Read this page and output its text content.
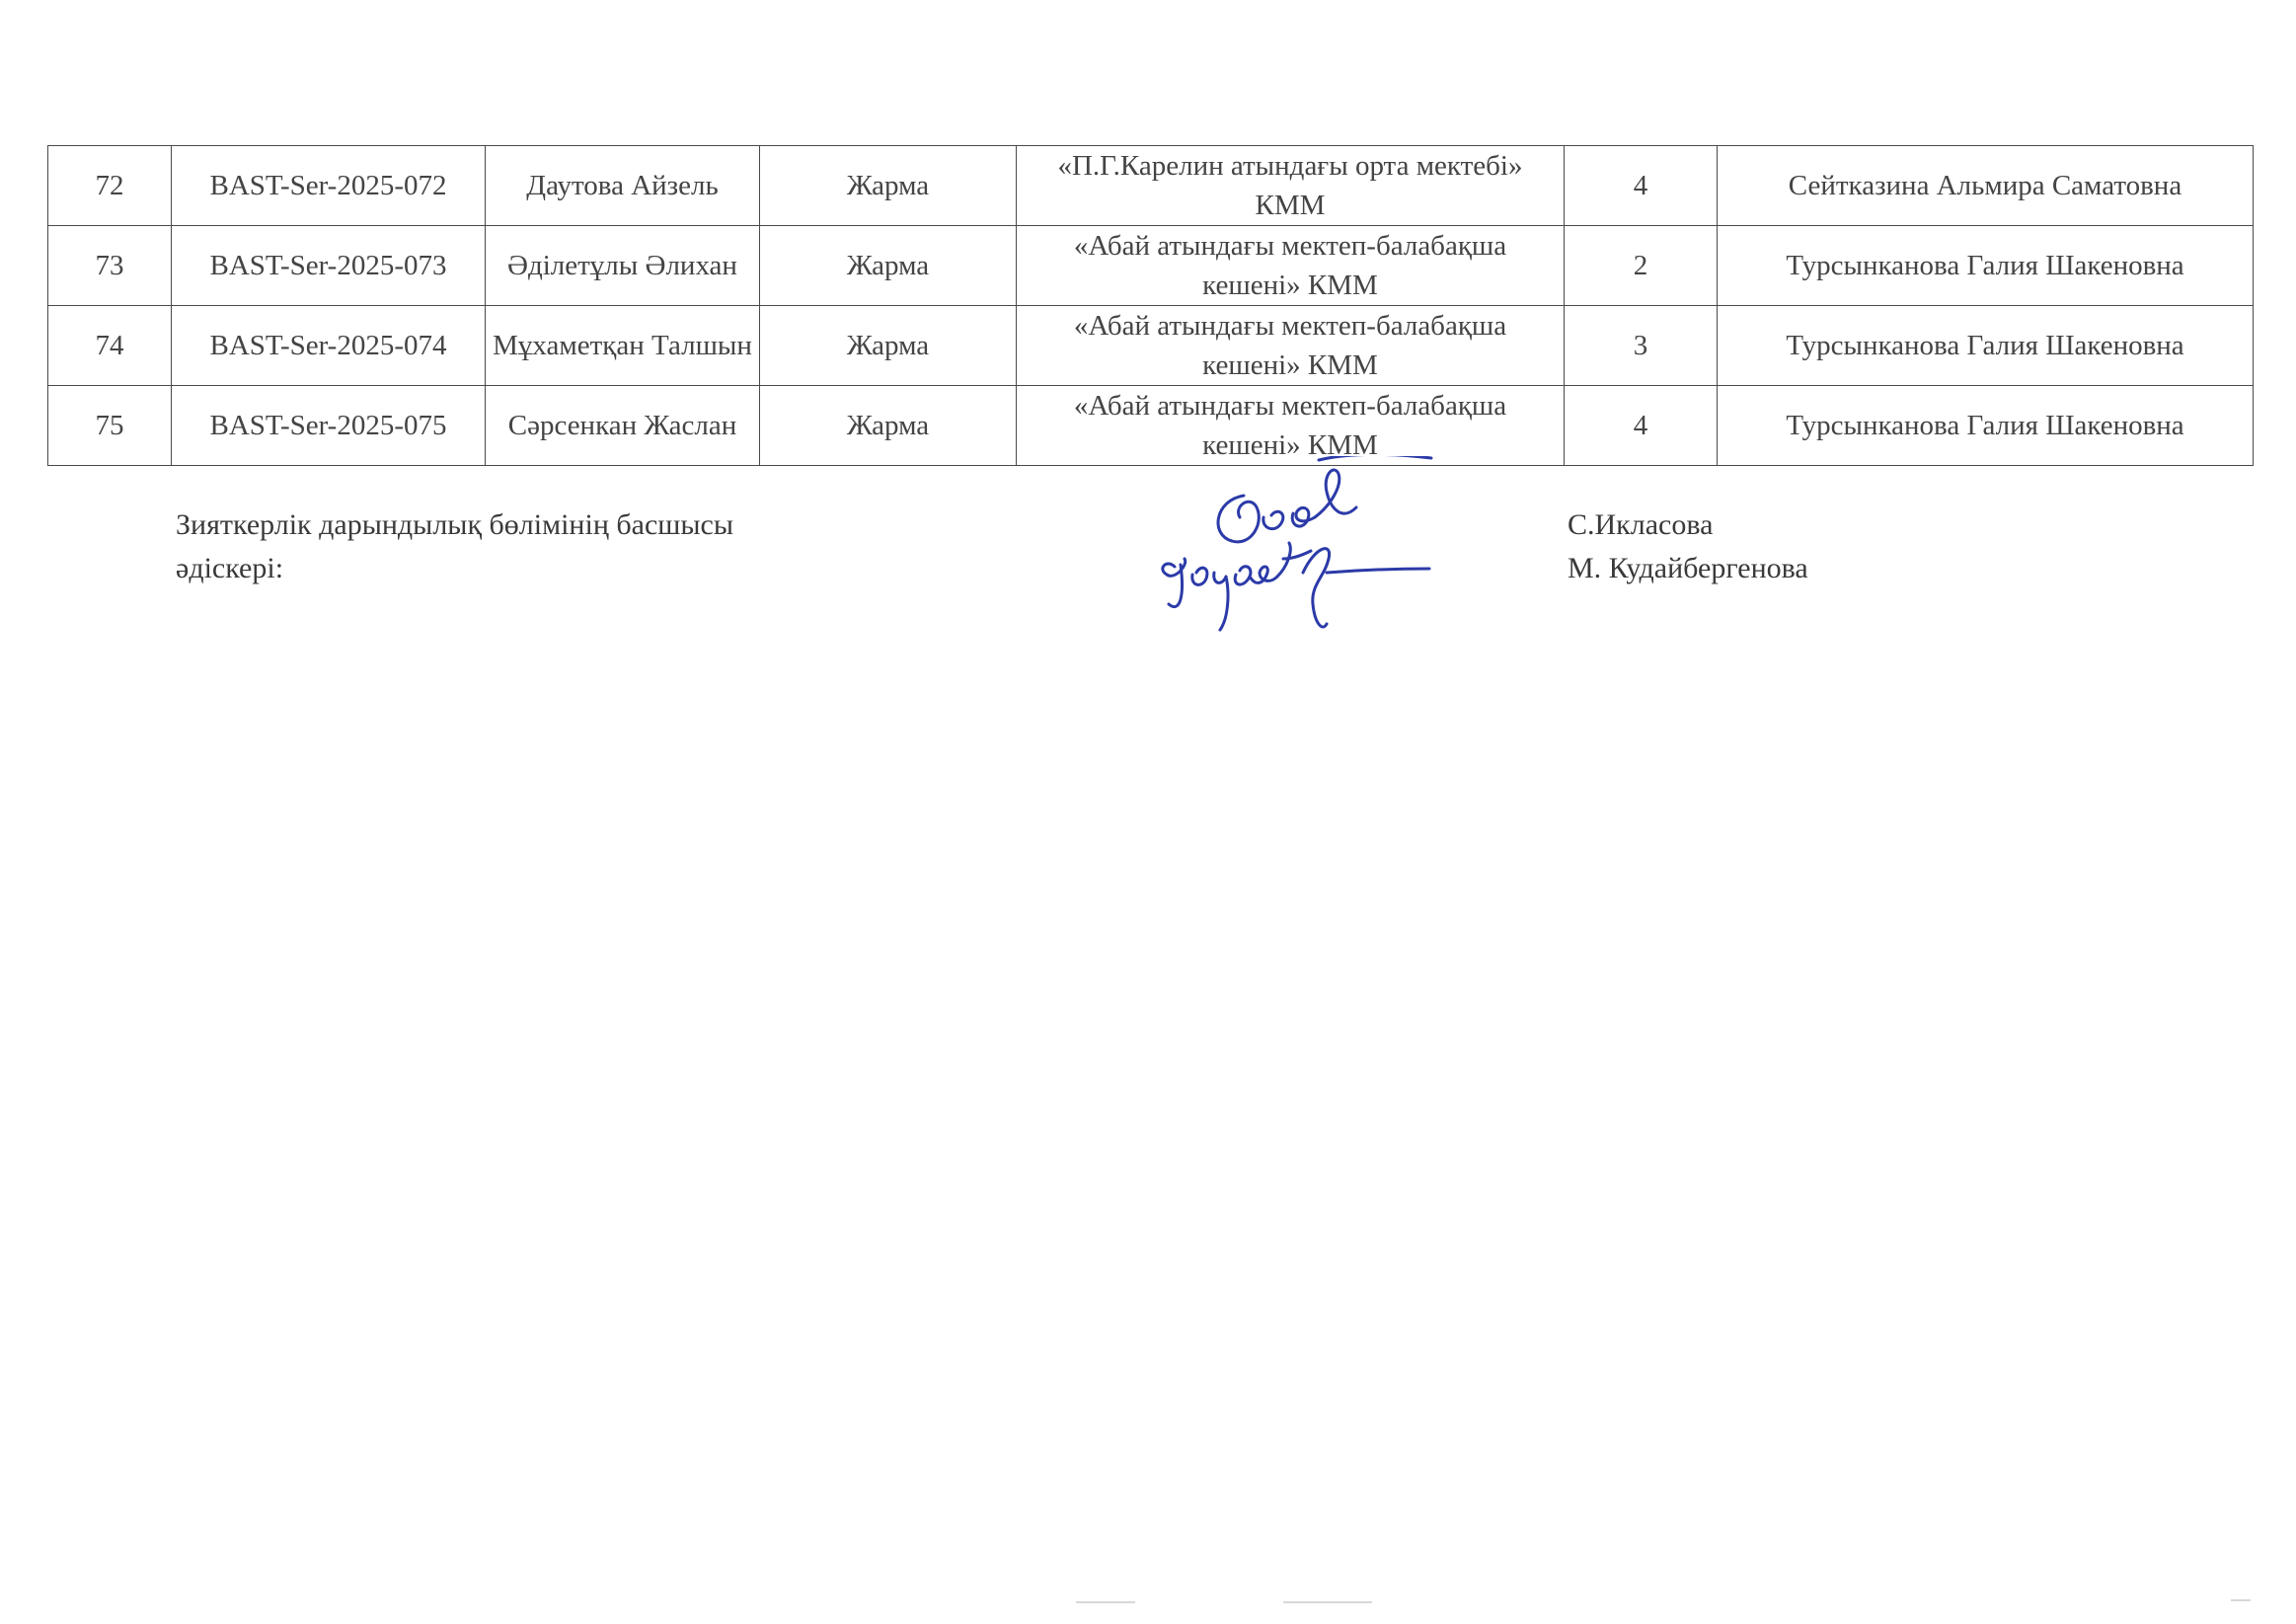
72	BAST-Ser-2025-072	Даутова Айзель	Жарма	«П.Г.Карелин атындағы орта мектебі» КММ	4	Сейтказина Альмира Саматовна
73	BAST-Ser-2025-073	Әділетұлы Әлихан	Жарма	«Абай атындағы мектеп-балабақша кешені» КММ	2	Турсынканова Галия Шакеновна
74	BAST-Ser-2025-074	Мұхаметқан Талшын	Жарма	«Абай атындағы мектеп-балабақша кешені» КММ	3	Турсынканова Галия Шакеновна
75	BAST-Ser-2025-075	Сәрсенкан Жаслан	Жарма	«Абай атындағы мектеп-балабақша кешені» КММ	4	Турсынканова Галия Шакеновна
Зияткерлік дарындылық бөлімінің басшысы
әдіскері:
С.Икласова
М. Кудайбергенова
